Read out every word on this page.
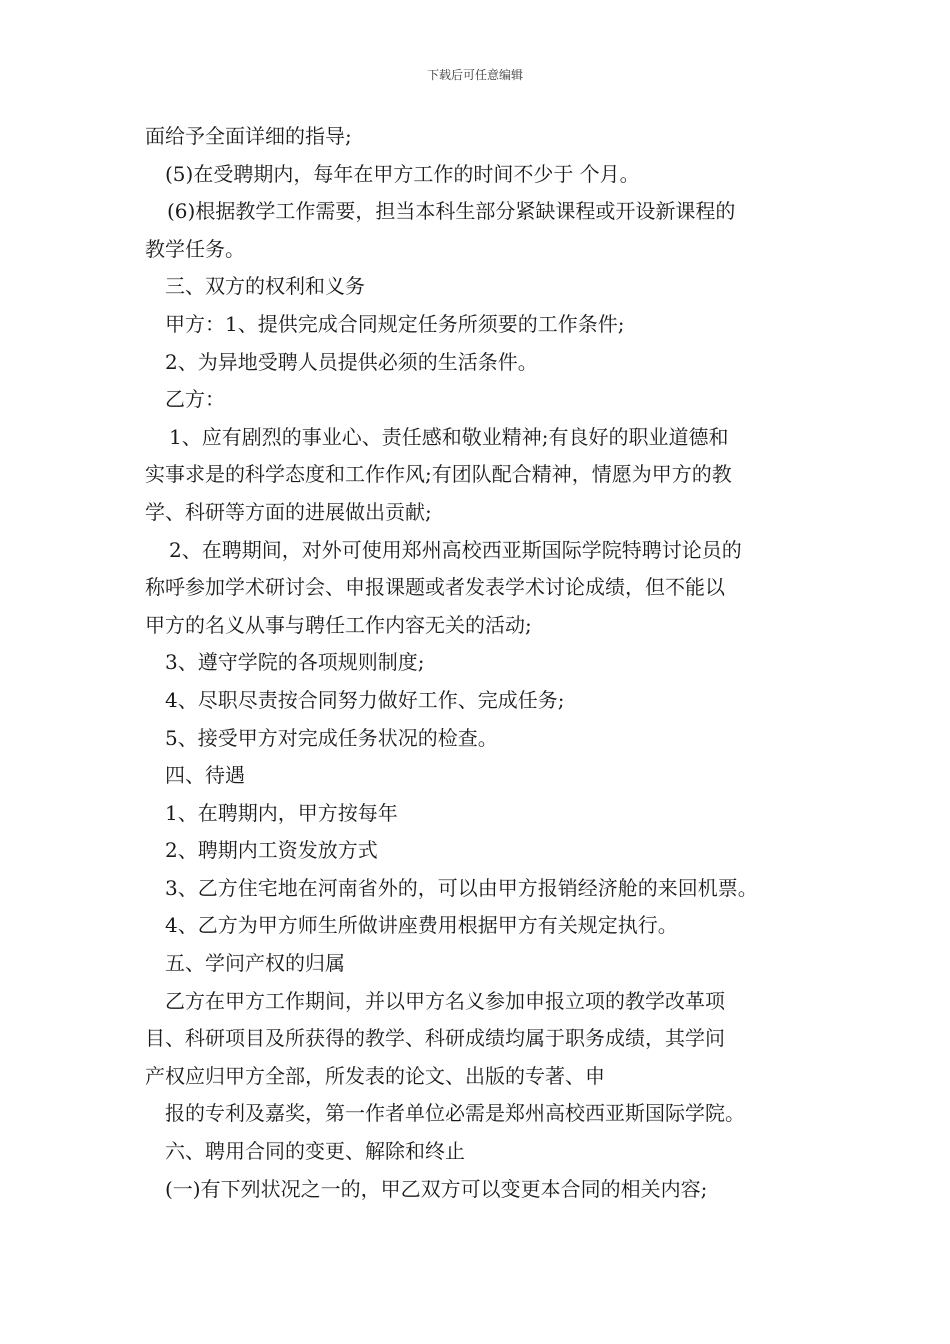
下载后可任意编辑

面给予全面详细的指导;

(5)在受聘期内，每年在甲方工作的时间不少于 个月。

(6)根据教学工作需要，担当本科生部分紧缺课程或开设新课程的

教学任务。

三、双方的权利和义务

甲方：1、提供完成合同规定任务所须要的工作条件;

2、为异地受聘人员提供必须的生活条件。

乙方：

1、应有剧烈的事业心、责任感和敬业精神;有良好的职业道德和

实事求是的科学态度和工作作风;有团队配合精神，情愿为甲方的教

学、科研等方面的进展做出贡献;

2、在聘期间，对外可使用郑州高校西亚斯国际学院特聘讨论员的

称呼参加学术研讨会、申报课题或者发表学术讨论成绩，但不能以

甲方的名义从事与聘任工作内容无关的活动;

3、遵守学院的各项规则制度;

4、尽职尽责按合同努力做好工作、完成任务;

5、接受甲方对完成任务状况的检查。

四、待遇

1、在聘期内，甲方按每年

2、聘期内工资发放方式

3、乙方住宅地在河南省外的，可以由甲方报销经济舱的来回机票。

4、乙方为甲方师生所做讲座费用根据甲方有关规定执行。

五、学问产权的归属

乙方在甲方工作期间，并以甲方名义参加申报立项的教学改革项

目、科研项目及所获得的教学、科研成绩均属于职务成绩，其学问

产权应归甲方全部，所发表的论文、出版的专著、申

报的专利及嘉奖，第一作者单位必需是郑州高校西亚斯国际学院。

六、聘用合同的变更、解除和终止

(一)有下列状况之一的，甲乙双方可以变更本合同的相关内容;
